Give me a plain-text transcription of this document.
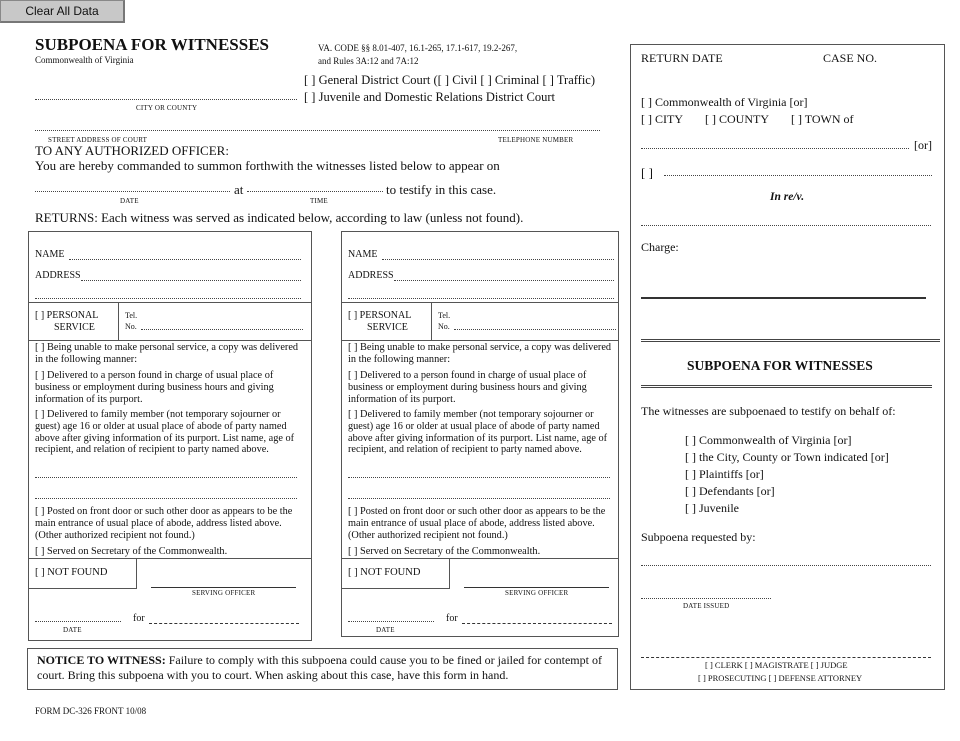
Clear All Data
SUBPOENA FOR WITNESSES
Commonwealth of Virginia
VA. CODE §§ 8.01-407, 16.1-265, 17.1-617, 19.2-267,
and Rules 3A:12 and 7A:12
[ ] General District Court ([ ] Civil [ ] Criminal [ ] Traffic)
[ ] Juvenile and Domestic Relations District Court
CITY OR COUNTY
STREET ADDRESS OF COURT	TELEPHONE NUMBER
TO ANY AUTHORIZED OFFICER:
You are hereby commanded to summon forthwith the witnesses listed below to appear on
at	to testify in this case.
DATE	TIME
RETURNS: Each witness was served as indicated below, according to law (unless not found).
NAME
ADDRESS
[ ] PERSONAL
SERVICE
Tel.
No.
[ ] Being unable to make personal service, a copy was delivered in the following manner:
[ ] Delivered to a person found in charge of usual place of business or employment during business hours and giving information of its purport.
[ ] Delivered to family member (not temporary sojourner or guest) age 16 or older at usual place of abode of party named above after giving information of its purport. List name, age of recipient, and relation of recipient to party named above.
[ ] Posted on front door or such other door as appears to be the main entrance of usual place of abode, address listed above. (Other authorized recipient not found.)
[ ] Served on Secretary of the Commonwealth.
[ ] NOT FOUND
SERVING OFFICER
for
DATE
NOTICE TO WITNESS: Failure to comply with this subpoena could cause you to be fined or jailed for contempt of court. Bring this subpoena with you to court. When asking about this case, have this form in hand.
FORM DC-326 FRONT 10/08
RETURN DATE	CASE NO.
[ ] Commonwealth of Virginia [or]
[ ] CITY [ ] COUNTY [ ] TOWN of
[or]
[ ]
In re/v.
Charge:
SUBPOENA FOR WITNESSES
The witnesses are subpoenaed to testify on behalf of:
[ ] Commonwealth of Virginia [or]
[ ] the City, County or Town indicated [or]
[ ] Plaintiffs [or]
[ ] Defendants [or]
[ ] Juvenile
Subpoena requested by:
DATE ISSUED
[ ] CLERK [ ] MAGISTRATE [ ] JUDGE
[ ] PROSECUTING [ ] DEFENSE ATTORNEY
NAME
ADDRESS
[ ] PERSONAL
SERVICE
Tel.
No.
[ ] Being unable to make personal service, a copy was delivered in the following manner:
[ ] Delivered to a person found in charge of usual place of business or employment during business hours and giving information of its purport.
[ ] Delivered to family member (not temporary sojourner or guest) age 16 or older at usual place of abode of party named above after giving information of its purport. List name, age of recipient, and relation of recipient to party named above.
[ ] Posted on front door or such other door as appears to be the main entrance of usual place of abode, address listed above. (Other authorized recipient not found.)
[ ] Served on Secretary of the Commonwealth.
[ ] NOT FOUND
SERVING OFFICER
for
DATE
